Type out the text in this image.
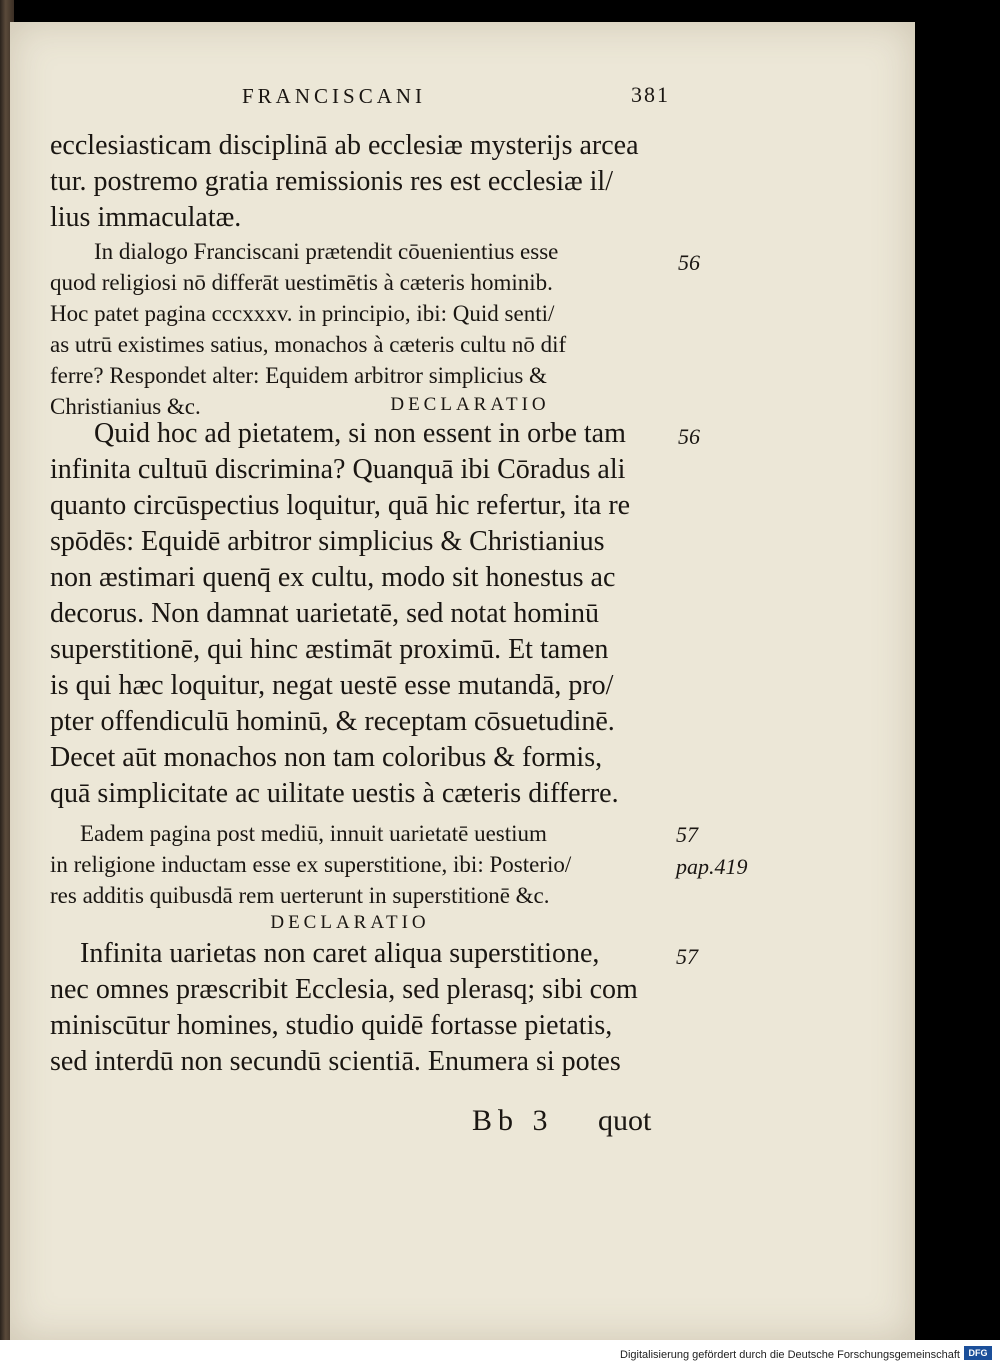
FRANCISCANI	381
ecclesiasticam disciplinā ab ecclesiæ mysterijs arcea
tur. postremo gratia remissionis res est ecclesiæ il/
lius immaculatæ.
In dialogo Franciscani prætendit cōuenientius esse
quod religiosi nō differāt uestimētis à cæteris hominib.
Hoc patet pagina cccxxxv. in principio, ibi: Quid senti/
as utrū existimes satius, monachos à cæteris cultu nō dif
ferre? Respondet alter: Equidem arbitror simplicius &
Christianius &c.	DECLARATIO
Quid hoc ad pietatem, si non essent in orbe tam
infinita cultuū discrimina? Quanquā ibi Cōradus ali
quanto circūspectius loquitur, quā hic refertur, ita re
spōdēs: Equidē arbitror simplicius & Christianius
non æstimari quenq̄ ex cultu, modo sit honestus ac
decorus. Non damnat uarietatē, sed notat hominū
superstitionē, qui hinc æstimāt proximū. Et tamen
is qui hæc loquitur, negat uestē esse mutandā, pro/
pter offendiculū hominū, & receptam cōsuetudinē.
Decet aūt monachos non tam coloribus & formis,
quā simplicitate ac uilitate uestis à cæteris differre.
Eadem pagina post mediū, innuit uarietatē uestium
in religione inductam esse ex superstitione, ibi: Posterio/
res additis quibusdā rem uerterunt in superstitionē &c.
DECLARATIO
Infinita uarietas non caret aliqua superstitione,
nec omnes præscribit Ecclesia, sed plerasq; sibi com
miniscūtur homines, studio quidē fortasse pietatis,
sed interdū non secundū scientiā. Enumera si potes
Bb 3 quot
56
56
57
pap.419
57
Digitalisierung gefördert durch die Deutsche Forschungsgemeinschaft DFG
